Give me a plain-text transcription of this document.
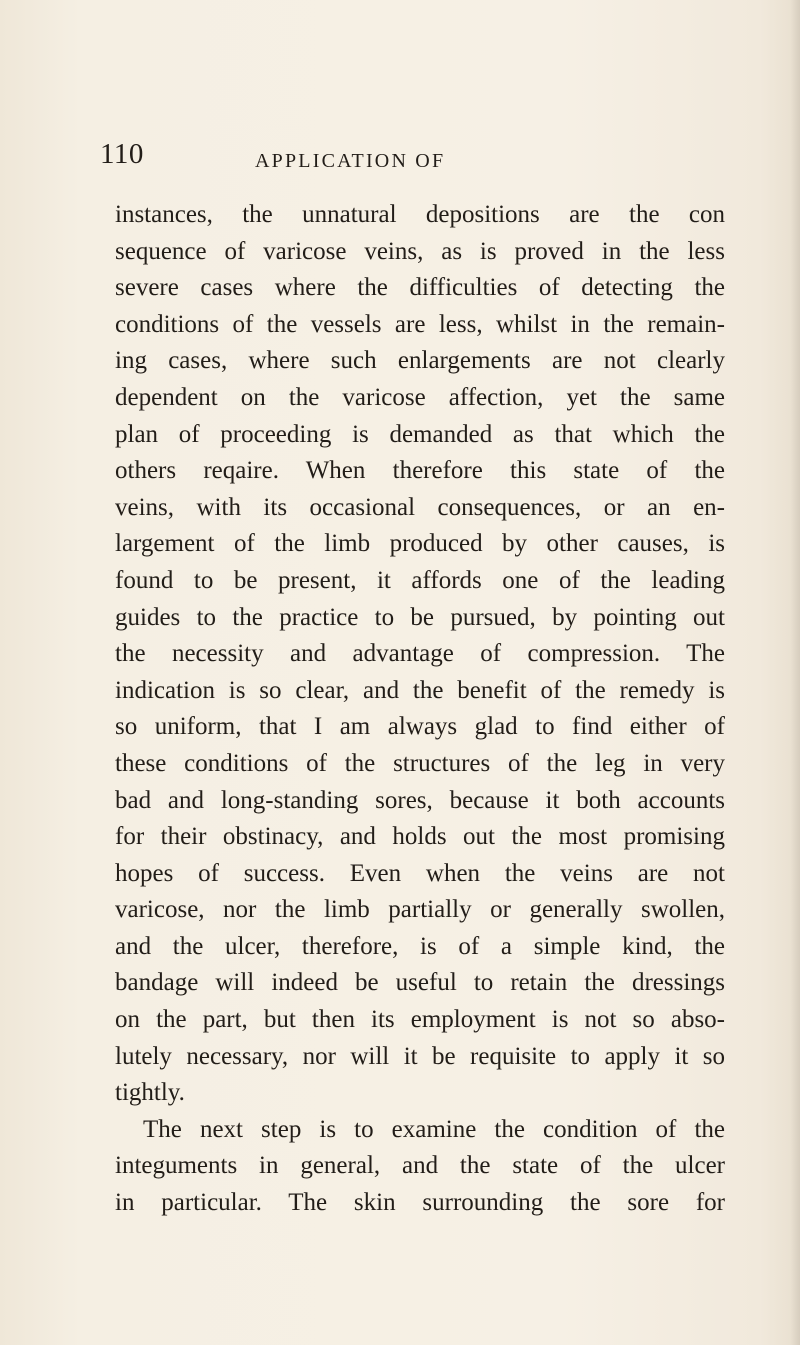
110	APPLICATION OF
instances, the unnatural depositions are the con
sequence of varicose veins, as is proved in the less
severe cases where the difficulties of detecting the
conditions of the vessels are less, whilst in the remain-
ing cases, where such enlargements are not clearly
dependent on the varicose affection, yet the same
plan of proceeding is demanded as that which the
others reqaire. When therefore this state of the
veins, with its occasional consequences, or an en-
largement of the limb produced by other causes, is
found to be present, it affords one of the leading
guides to the practice to be pursued, by pointing out
the necessity and advantage of compression. The
indication is so clear, and the benefit of the remedy is
so uniform, that I am always glad to find either of
these conditions of the structures of the leg in very
bad and long-standing sores, because it both accounts
for their obstinacy, and holds out the most promising
hopes of success. Even when the veins are not
varicose, nor the limb partially or generally swollen,
and the ulcer, therefore, is of a simple kind, the
bandage will indeed be useful to retain the dressings
on the part, but then its employment is not so abso-
lutely necessary, nor will it be requisite to apply it so
tightly.
The next step is to examine the condition of the
integuments in general, and the state of the ulcer
in particular. The skin surrounding the sore for
